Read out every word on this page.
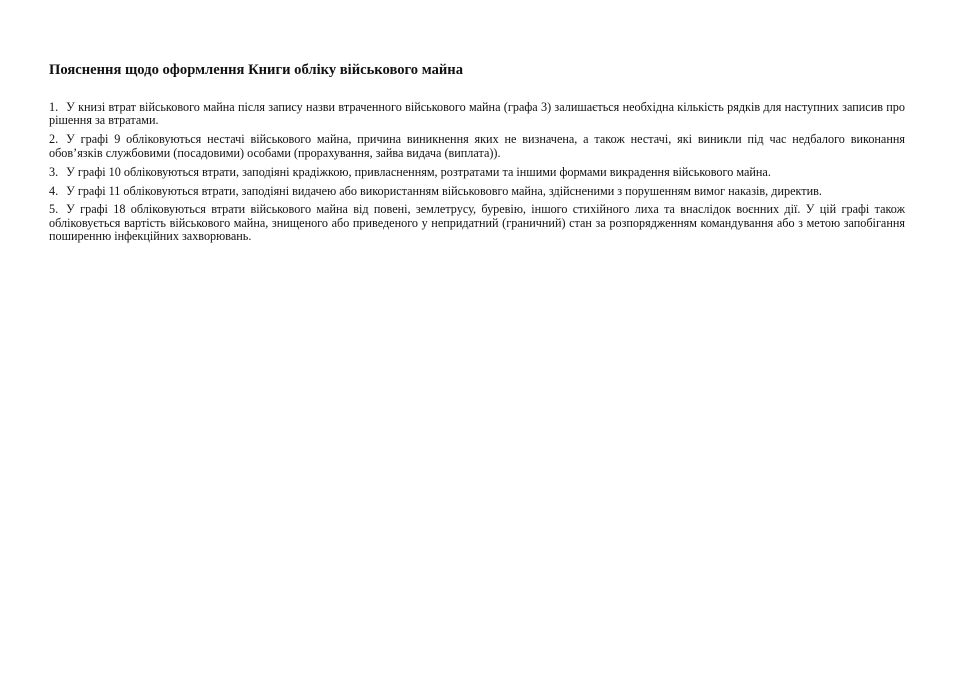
Пояснення щодо оформлення Книги обліку військового майна
1. У книзі втрат військового майна після запису назви втраченного військового майна (графа 3) залишається необхідна кількість рядків для наступних записив про рішення за втратами.
2. У графі 9 обліковуються нестачі військового майна, причина виникнення яких не визначена, а також нестачі, які виникли під час недбалого виконання обов’язків службовими (посадовими) особами (прорахування, зайва видача (виплата)).
3. У графі 10 обліковуються втрати, заподіяні крадіжкою, привласненням, розтратами та іншими формами викрадення військового майна.
4. У графі 11 обліковуються втрати, заподіяні видачею або використанням військововго майна, здійсненими з порушенням вимог наказів, директив.
5. У графі 18 обліковуються втрати військового майна від повені, землетрусу, буревію, іншого стихійного лиха та внаслідок воєнних дії. У цій графі також обліковується вартість військового майна, знищеного або приведеного у непридатний (граничний) стан за розпорядженням командування або з метою запобігання поширенню інфекційних захворювань.
